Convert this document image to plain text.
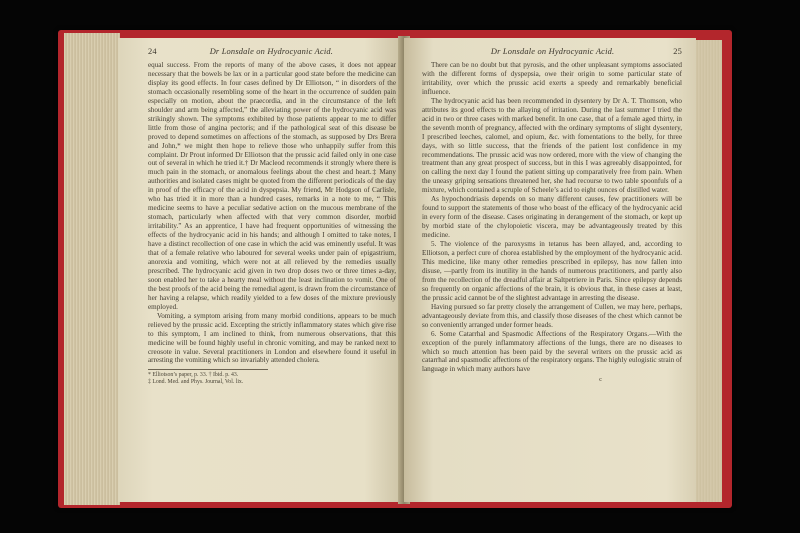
24	Dr Lonsdale on Hydrocyanic Acid.

equal success. From the reports of many of the above cases, it does not appear necessary that the bowels be lax or in a particular good state before the medicine can display its good effects. In four cases defined by Dr Elliotson, “ in disorders of the stomach occasionally resembling some of the heart in the occurrence of sudden pain especially on motion, about the praecordia, and in the circumstance of the left shoulder and arm being affected,” the alleviating power of the hydrocyanic acid was strikingly shown. The symptoms exhibited by those patients appear to me to differ little from those of angina pectoris; and if the pathological seat of this disease be proved to depend sometimes on affections of the stomach, as supposed by Drs Brera and John,* we might then hope to relieve those who unhappily suffer from this complaint. Dr Prout informed Dr Elliotson that the prussic acid failed only in one case out of several in which he tried it.† Dr Macleod recommends it strongly where there is much pain in the stomach, or anomalous feelings about the chest and heart.‡ Many authorities and isolated cases might be quoted from the different periodicals of the day in proof of the efficacy of the acid in dyspepsia. My friend, Mr Hodgson of Carlisle, who has tried it in more than a hundred cases, remarks in a note to me, “ This medicine seems to have a peculiar sedative action on the mucous membrane of the stomach, particularly when affected with that very common disorder, morbid irritability.” As an apprentice, I have had frequent opportunities of witnessing the effects of the hydrocyanic acid in his hands; and although I omitted to take notes, I have a distinct recollection of one case in which the acid was eminently useful. It was that of a female relative who laboured for several weeks under pain of epigastrium, anorexia and vomiting, which were not at all relieved by the remedies usually prescribed. The hydrocyanic acid given in two drop doses two or three times a-day, soon enabled her to take a hearty meal without the least inclination to vomit. One of the best proofs of the acid being the remedial agent, is drawn from the circumstance of her having a relapse, which readily yielded to a few doses of the mixture previously employed.

Vomiting, a symptom arising from many morbid conditions, appears to be much relieved by the prussic acid. Excepting the strictly inflammatory states which give rise to this symptom, I am inclined to think, from numerous observations, that this medicine will be found highly useful in chronic vomiting, and may be ranked next to creosote in value. Several practitioners in London and elsewhere found it useful in arresting the vomiting which so invariably attended cholera.

* Elliotson’s paper, p. 33. † Ibid. p. 43.
‡ Lond. Med. and Phys. Journal, Vol. lix.
Dr Lonsdale on Hydrocyanic Acid.	25

There can be no doubt but that pyrosis, and the other unpleasant symptoms associated with the different forms of dyspepsia, owe their origin to some particular state of irritability, over which the prussic acid exerts a speedy and remarkably beneficial influence.

The hydrocyanic acid has been recommended in dysentery by Dr A. T. Thomson, who attributes its good effects to the allaying of irritation. During the last summer I tried the acid in two or three cases with marked benefit. In one case, that of a female aged thirty, in the seventh month of pregnancy, affected with the ordinary symptoms of slight dysentery, I prescribed leeches, calomel, and opium, &c. with fomentations to the belly, for three days, with so little success, that the friends of the patient lost confidence in my recommendations. The prussic acid was now ordered, more with the view of changing the treatment than any great prospect of success, but in this I was agreeably disappointed, for on calling the next day I found the patient sitting up comparatively free from pain. When the uneasy griping sensations threatened her, she had recourse to two table spoonfuls of a mixture, which contained a scruple of Scheele’s acid to eight ounces of distilled water.

As hypochondriasis depends on so many different causes, few practitioners will be found to support the statements of those who boast of the efficacy of the hydrocyanic acid in every form of the disease. Cases originating in derangement of the stomach, or kept up by morbid state of the chylopoietic viscera, may be advantageously treated by this medicine.

5. The violence of the paroxysms in tetanus has been allayed, and, according to Elliotson, a perfect cure of chorea established by the employment of the hydrocyanic acid. This medicine, like many other remedies prescribed in epilepsy, has now fallen into disuse, —partly from its inutility in the hands of numerous practitioners, and partly also from the recollection of the dreadful affair at Saltpetriere in Paris. Since epilepsy depends so frequently on organic affections of the brain, it is obvious that, in these cases at least, the prussic acid cannot be of the slightest advantage in arresting the disease.

Having pursued so far pretty closely the arrangement of Cullen, we may here, perhaps, advantageously deviate from this, and classify those diseases of the chest which cannot be so conveniently arranged under former heads.

6. Some Catarrhal and Spasmodic Affections of the Respiratory Organs.—With the exception of the purely inflammatory affections of the lungs, there are no diseases to which so much attention has been paid by the several writers on the prussic acid as catarrhal and spasmodic affections of the respiratory organs. The highly eulogistic strain of language in which many authors have

c
